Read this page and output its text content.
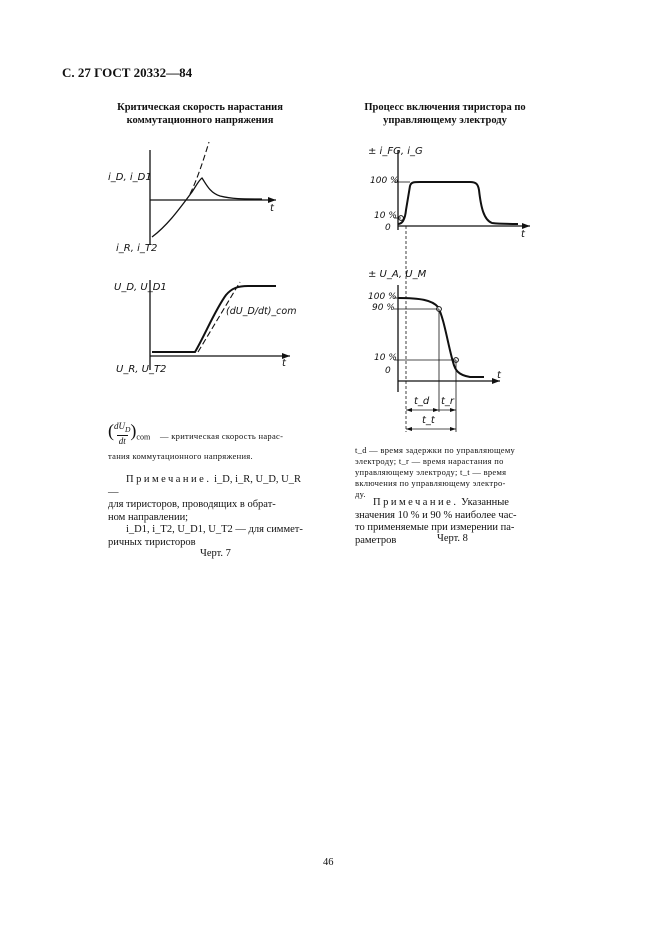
С. 27 ГОСТ 20332—84
Критическая скорость нарастания
коммутационного напряжения
Процесс включения тиристора по
управляющему электроду
i_D, i_D1
i_R, i_T2
t
U_D, U_D1
U_R, U_T2
t
(dU_D/dt)_com
($dU_D$
$dt)_{com}$	— критическая скорость нарас-
тания коммутационного напряжения.
Примечание. i_D, i_R, U_D, U_R —
для тиристоров, проводящих в обрат-
ном направлении;
i_D1, i_T2, U_D1, U_T2 — для симмет-
ричных тиристоров
Черт. 7
± i_FG, i_G
100 %
10 %
0
t
± U_A, U_M
100 %
90 %
10 %
0	t
t_d t_r
t_t
t_d — время задержки по управляющему
электроду; t_r — время нарастания по
управляющему электроду; t_t — время
включения по управляющему электро-
ду.
Примечание. Указанные
значения 10 % и 90 % наиболее час-
то применяемые при измерении па-
раметров	Черт. 8
46
